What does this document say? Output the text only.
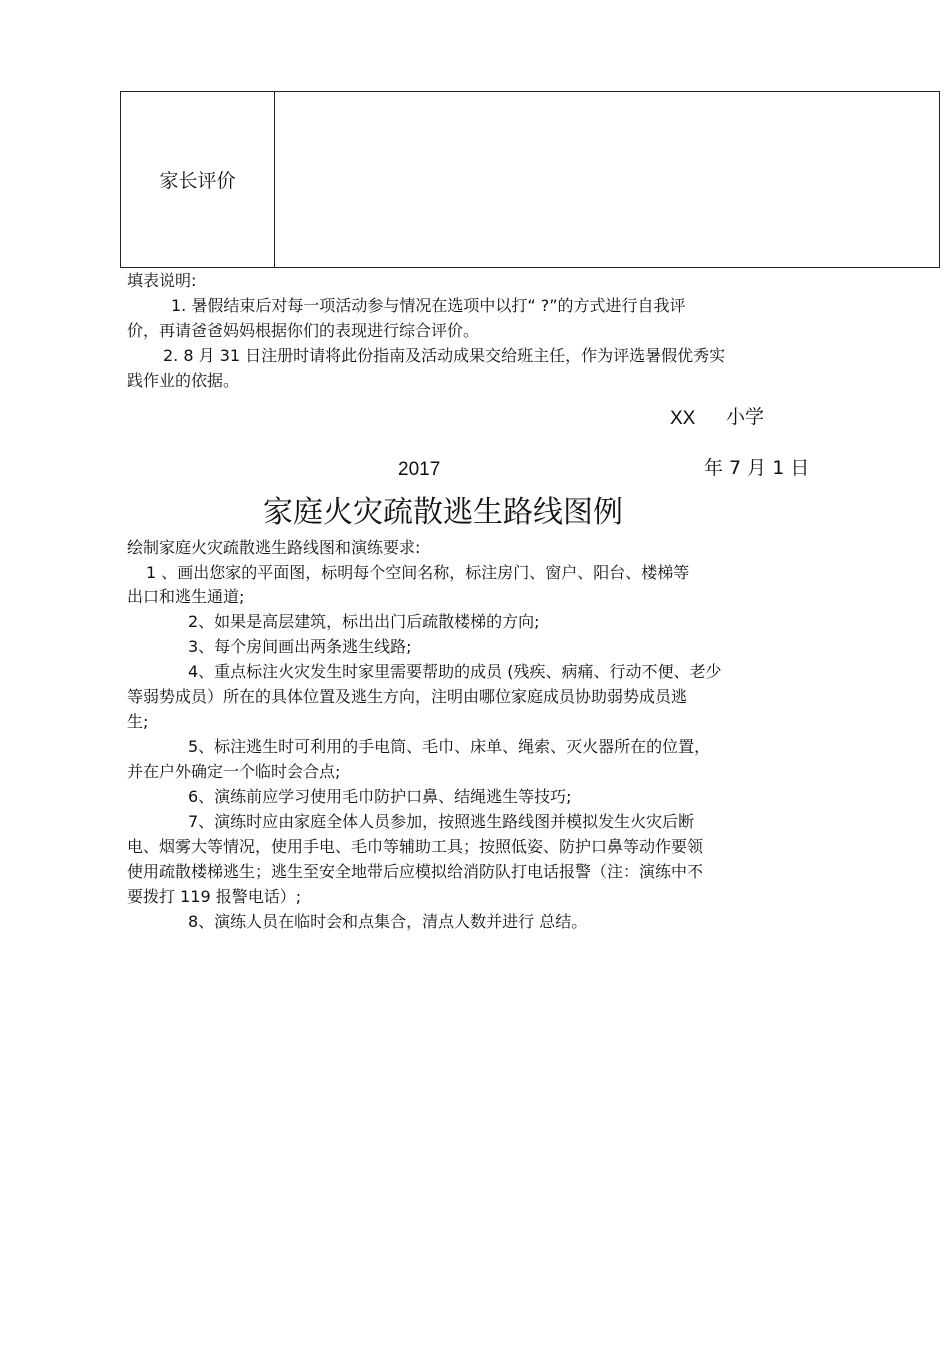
家长评价	
填表说明:
1. 暑假结束后对每一项活动参与情况在选项中以打“ ?”的方式进行自我评
价，再请爸爸妈妈根据你们的表现进行综合评价。
2. 8 月 31 日注册时请将此份指南及活动成果交给班主任，作为评选暑假优秀实
践作业的依据。
XX 小学
2017	年 7 月 1 日
家庭火灾疏散逃生路线图例
绘制家庭火灾疏散逃生路线图和演练要求:
1 、画出您家的平面图，标明每个空间名称，标注房门、窗户、阳台、楼梯等
出口和逃生通道;
2、如果是高层建筑，标出出门后疏散楼梯的方向;
3、每个房间画出两条逃生线路;
4、重点标注火灾发生时家里需要帮助的成员 (残疾、病痛、行动不便、老少
等弱势成员）所在的具体位置及逃生方向，注明由哪位家庭成员协助弱势成员逃
生;
5、标注逃生时可利用的手电筒、毛巾、床单、绳索、灭火器所在的位置，
并在户外确定一个临时会合点;
6、演练前应学习使用毛巾防护口鼻、结绳逃生等技巧;
7、演练时应由家庭全体人员参加，按照逃生路线图并模拟发生火灾后断
电、烟雾大等情况，使用手电、毛巾等辅助工具；按照低姿、防护口鼻等动作要领
使用疏散楼梯逃生；逃生至安全地带后应模拟给消防队打电话报警（注：演练中不
要拨打 119 报警电话）;
8、演练人员在临时会和点集合，清点人数并进行 总结。
